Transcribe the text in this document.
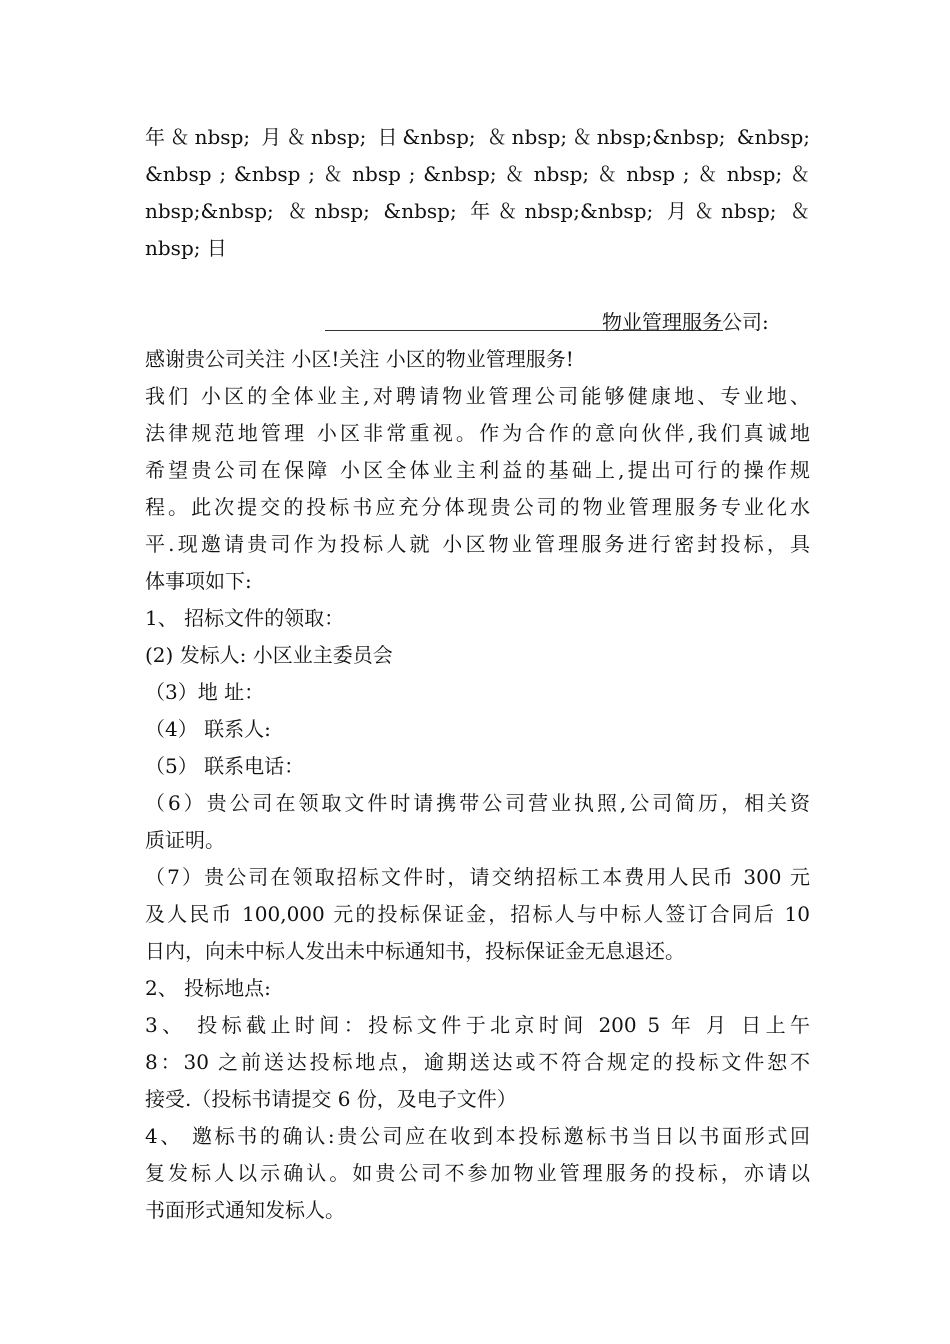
年＆nbsp; 月＆nbsp; 日&nbsp; ＆nbsp;＆nbsp;&nbsp; &nbsp;
&nbsp ; &nbsp ; ＆ nbsp ; &nbsp; ＆ nbsp; ＆ nbsp ; ＆ nbsp; ＆
nbsp;&nbsp; ＆nbsp; &nbsp; 年＆nbsp;&nbsp; 月＆nbsp; ＆
nbsp; 日
物业管理服务公司:
感谢贵公司关注 小区!关注 小区的物业管理服务!
我们 小区的全体业主,对聘请物业管理公司能够健康地、专业地、
法律规范地管理 小区非常重视。作为合作的意向伙伴,我们真诚地
希望贵公司在保障 小区全体业主利益的基础上,提出可行的操作规
程。此次提交的投标书应充分体现贵公司的物业管理服务专业化水
平.现邀请贵司作为投标人就 小区物业管理服务进行密封投标，具
体事项如下:
1、 招标文件的领取：
(2) 发标人: 小区业主委员会
（3）地 址：
（4） 联系人:
（5） 联系电话：
（6）贵公司在领取文件时请携带公司营业执照,公司简历，相关资
质证明。
（7）贵公司在领取招标文件时，请交纳招标工本费用人民币 300 元
及人民币 100,000 元的投标保证金，招标人与中标人签订合同后 10
日内，向未中标人发出未中标通知书，投标保证金无息退还。
2、 投标地点:
3、 投标截止时间：投标文件于北京时间 200 5 年 月 日上午
8：30 之前送达投标地点，逾期送达或不符合规定的投标文件恕不
接受.（投标书请提交 6 份，及电子文件）
4、 邀标书的确认:贵公司应在收到本投标邀标书当日以书面形式回
复发标人以示确认。如贵公司不参加物业管理服务的投标，亦请以
书面形式通知发标人。
